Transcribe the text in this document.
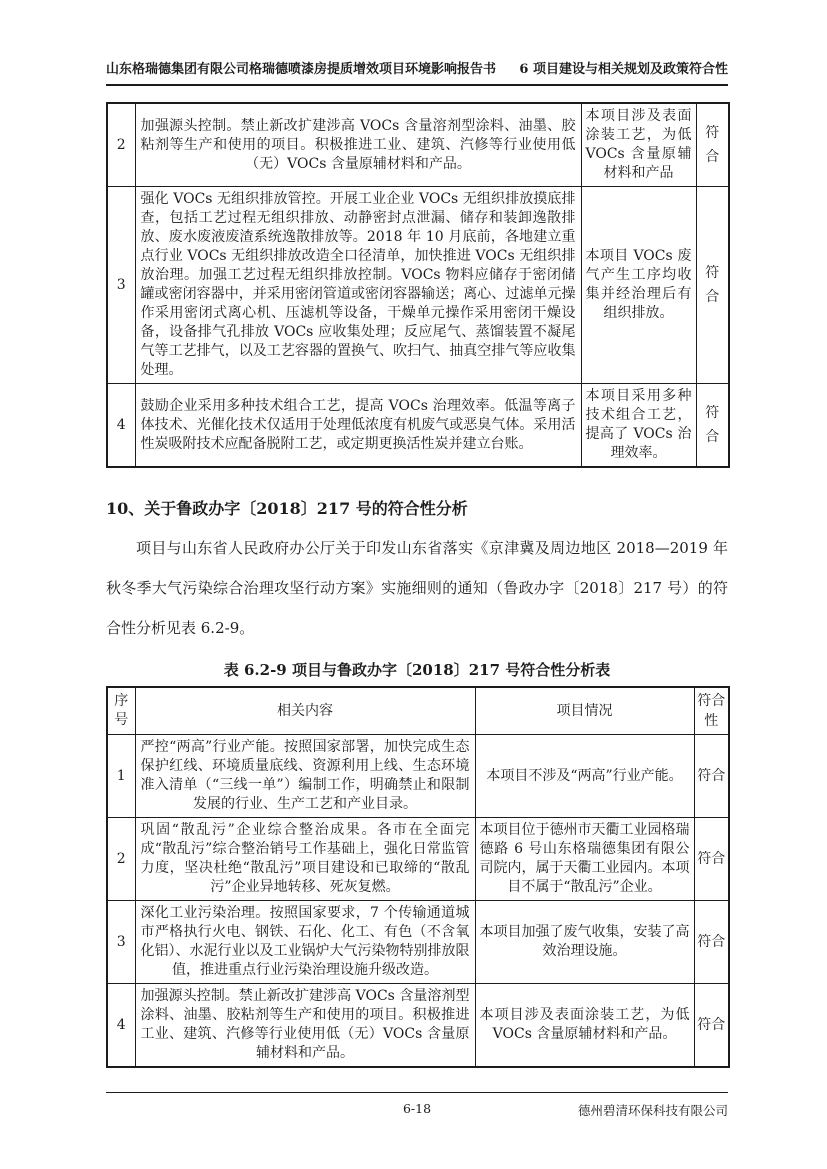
山东格瑞德集团有限公司格瑞德喷漆房提质增效项目环境影响报告书 6 项目建设与相关规划及政策符合性
2	加强源头控制。禁止新改扩建涉高 VOCs 含量溶剂型涂料、油墨、胶粘剂等生产和使用的项目。积极推进工业、建筑、汽修等行业使用低（无）VOCs 含量原辅材料和产品。	本项目涉及表面涂装工艺，为低 VOCs 含量原辅材料和产品	符合
3	强化 VOCs 无组织排放管控。开展工业企业 VOCs 无组织排放摸底排查，包括工艺过程无组织排放、动静密封点泄漏、储存和装卸逸散排放、废水废液废渣系统逸散排放等。2018 年 10 月底前，各地建立重点行业 VOCs 无组织排放改造全口径清单，加快推进 VOCs 无组织排放治理。加强工艺过程无组织排放控制。VOCs 物料应储存于密闭储罐或密闭容器中，并采用密闭管道或密闭容器输送；离心、过滤单元操作采用密闭式离心机、压滤机等设备，干燥单元操作采用密闭干燥设备，设备排气孔排放 VOCs 应收集处理；反应尾气、蒸馏装置不凝尾气等工艺排气，以及工艺容器的置换气、吹扫气、抽真空排气等应收集处理。	本项目 VOCs 废气产生工序均收集并经治理后有组织排放。	符合
4	鼓励企业采用多种技术组合工艺，提高 VOCs 治理效率。低温等离子体技术、光催化技术仅适用于处理低浓度有机废气或恶臭气体。采用活性炭吸附技术应配备脱附工艺，或定期更换活性炭并建立台账。	本项目采用多种技术组合工艺，提高了 VOCs 治理效率。	符合
10、关于鲁政办字〔2018〕217 号的符合性分析

项目与山东省人民政府办公厅关于印发山东省落实《京津冀及周边地区 2018—2019 年秋冬季大气污染综合治理攻坚行动方案》实施细则的通知（鲁政办字〔2018〕217 号）的符合性分析见表 6.2-9。

表 6.2-9 项目与鲁政办字〔2018〕217 号符合性分析表
序号	相关内容	项目情况	符合性
1	严控“两高”行业产能。按照国家部署，加快完成生态保护红线、环境质量底线、资源利用上线、生态环境准入清单（“三线一单”）编制工作，明确禁止和限制发展的行业、生产工艺和产业目录。	本项目不涉及“两高”行业产能。	符合
2	巩固“散乱污”企业综合整治成果。各市在全面完成“散乱污”综合整治销号工作基础上，强化日常监管力度，坚决杜绝“散乱污”项目建设和已取缔的“散乱污”企业异地转移、死灰复燃。	本项目位于德州市天衢工业园格瑞德路 6 号山东格瑞德集团有限公司院内，属于天衢工业园内。本项目不属于“散乱污”企业。	符合
3	深化工业污染治理。按照国家要求，7 个传输通道城市严格执行火电、钢铁、石化、化工、有色（不含氧化铝）、水泥行业以及工业锅炉大气污染物特别排放限值，推进重点行业污染治理设施升级改造。	本项目加强了废气收集，安装了高效治理设施。	符合
4	加强源头控制。禁止新改扩建涉高 VOCs 含量溶剂型涂料、油墨、胶粘剂等生产和使用的项目。积极推进工业、建筑、汽修等行业使用低（无）VOCs 含量原辅材料和产品。	本项目涉及表面涂装工艺，为低 VOCs 含量原辅材料和产品。	符合
6-18	德州碧清环保科技有限公司
